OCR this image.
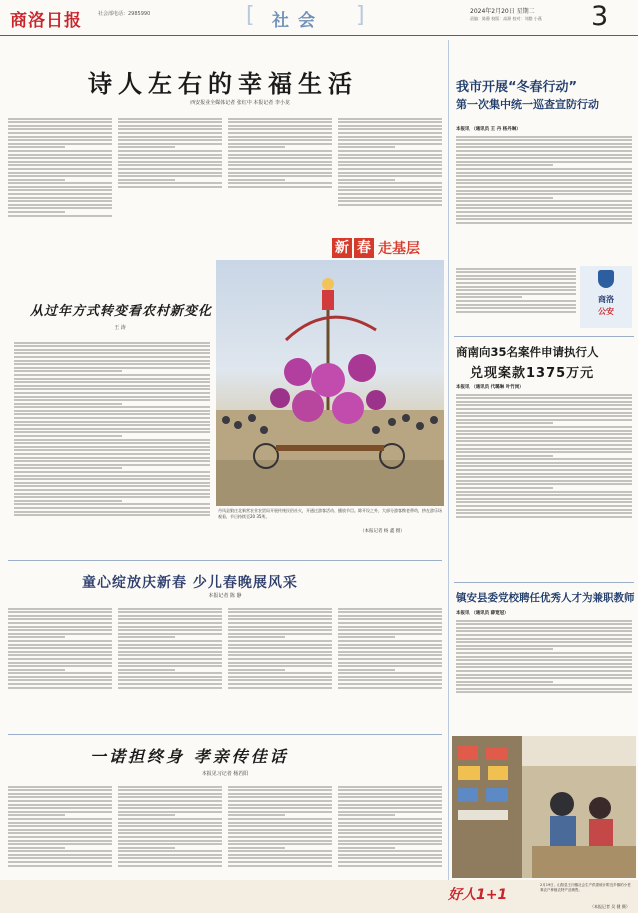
商洛日报	社会部电话：2985990	[ 社会 ]	2024年2月20日 星期二
责编：陈静 校版：高源 校对：刘勤 小燕 3
诗人左右的幸福生活
西安报业全媒体记者 张红中 本报记者 李小龙
新 春 走基层
从过年方式转变看农村新变化
王 涛
丹凤县狼庄北新营农业农贸局开展传统民俗社火，开通过游客活动、播放节目。除开设之外，大部分游客携老带幼，挤在游乐场观看，节日持续至20 35所。
（本报记者 杨 鑫 摄）
童心绽放庆新春 少儿春晚展风采
本报记者 陈 静
一诺担终身 孝亲传佳话
本报见习记者 杨若阳
我市开展“冬春行动”
第一次集中统一巡查宣防行动
本报讯 （通讯员 王 丹 杨丹琳）
商洛
公安
商南向35名案件申请执行人
兑现案款1375万元
本报讯 （通讯员 代璐琳 叶竹岗）
镇安县委党校聘任优秀人才为兼职教师
本报讯 （通讯员 薛宽冠）
好人1+1
2月19日，山阳县王闫镇社会生产供需统计附近乡镇的小老乘农户种植农特产品销售。
（本报记者 吴 健 摄）
